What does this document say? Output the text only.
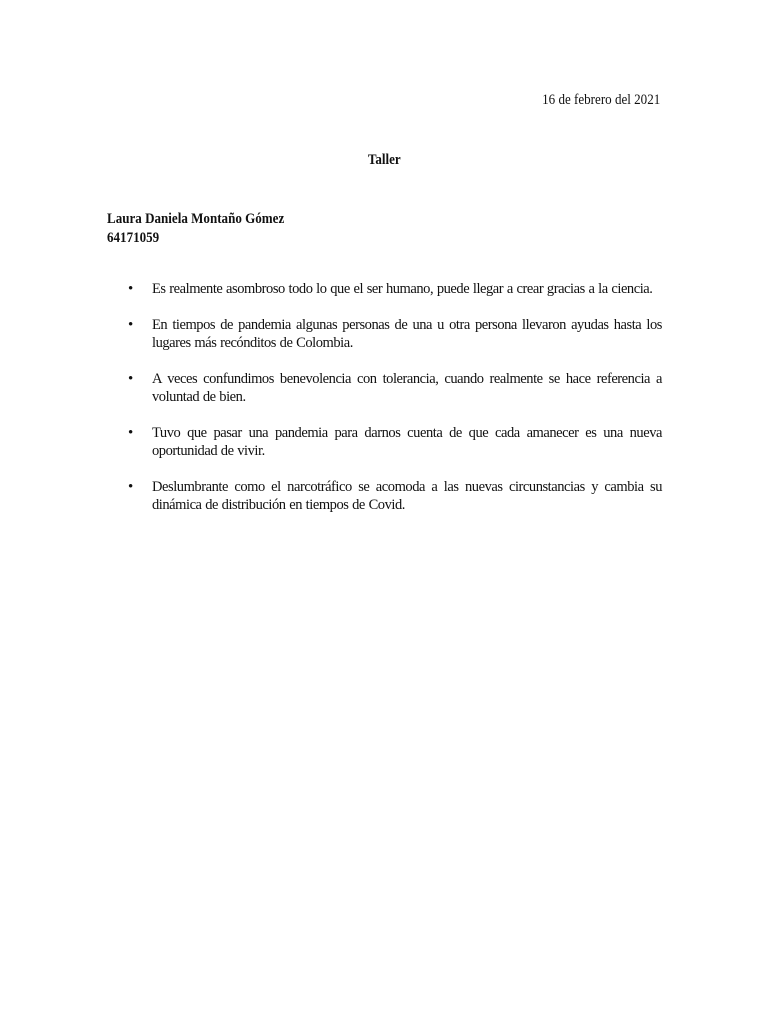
16 de febrero del 2021
Taller
Laura Daniela Montaño Gómez
64171059
• Es realmente asombroso todo lo que el ser humano, puede llegar a crear gracias a la ciencia.
• En tiempos de pandemia algunas personas de una u otra persona llevaron ayudas hasta los lugares más recónditos de Colombia.
• A veces confundimos benevolencia con tolerancia, cuando realmente se hace referencia a voluntad de bien.
• Tuvo que pasar una pandemia para darnos cuenta de que cada amanecer es una nueva oportunidad de vivir.
• Deslumbrante como el narcotráfico se acomoda a las nuevas circunstancias y cambia su dinámica de distribución en tiempos de Covid.
